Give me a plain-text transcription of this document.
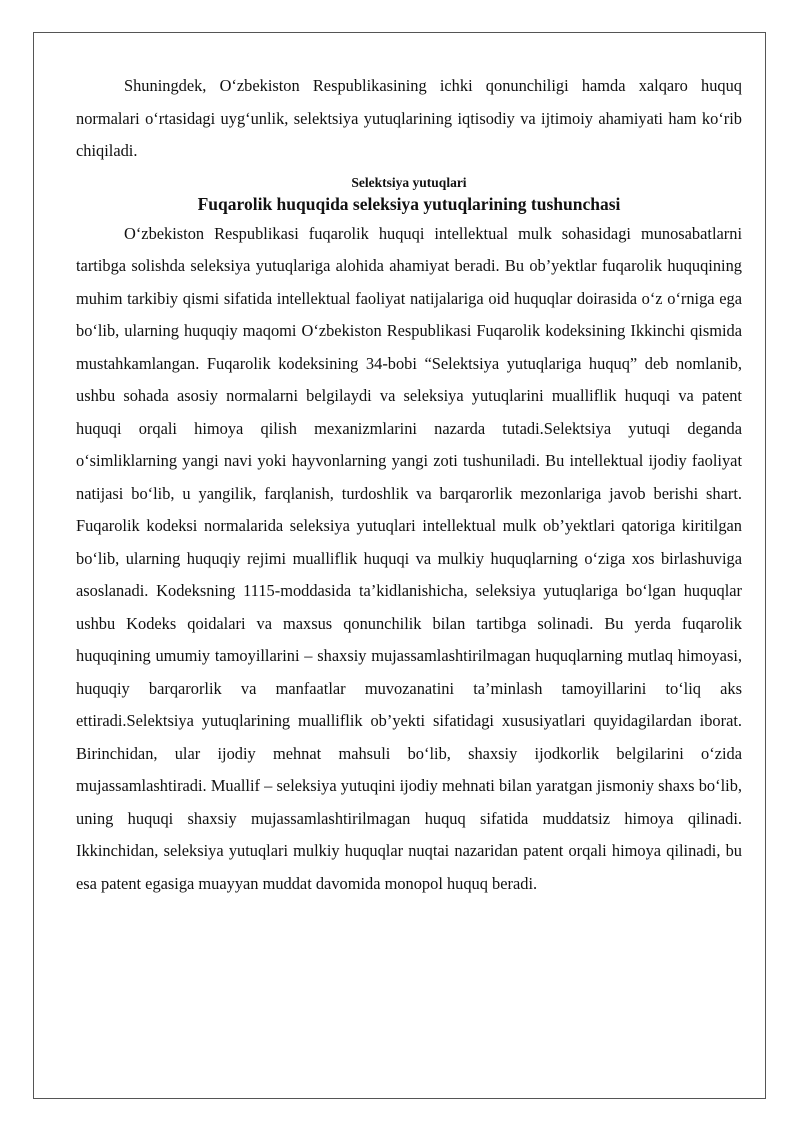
Shuningdek, O‘zbekiston Respublikasining ichki qonunchiligi hamda xalqaro huquq normalari o‘rtasidagi uyg‘unlik, selektsiya yutuqlarining iqtisodiy va ijtimoiy ahamiyati ham ko‘rib chiqiladi.

Selektsiya yutuqlari
Fuqarolik huquqida seleksiya yutuqlarining tushunchasi

O‘zbekiston Respublikasi fuqarolik huquqi intellektual mulk sohasidagi munosabatlarni tartibga solishda seleksiya yutuqlariga alohida ahamiyat beradi. Bu ob’yektlar fuqarolik huquqining muhim tarkibiy qismi sifatida intellektual faoliyat natijalariga oid huquqlar doirasida o‘z o‘rniga ega bo‘lib, ularning huquqiy maqomi O‘zbekiston Respublikasi Fuqarolik kodeksining Ikkinchi qismida mustahkamlangan. Fuqarolik kodeksining 34-bobi “Selektsiya yutuqlariga huquq” deb nomlanib, ushbu sohada asosiy normalarni belgilaydi va seleksiya yutuqlarini mualliflik huquqi va patent huquqi orqali himoya qilish mexanizmlarini nazarda tutadi.Selektsiya yutuqi deganda o‘simliklarning yangi navi yoki hayvonlarning yangi zoti tushuniladi. Bu intellektual ijodiy faoliyat natijasi bo‘lib, u yangilik, farqlanish, turdoshlik va barqarorlik mezonlariga javob berishi shart. Fuqarolik kodeksi normalarida seleksiya yutuqlari intellektual mulk ob’yektlari qatoriga kiritilgan bo‘lib, ularning huquqiy rejimi mualliflik huquqi va mulkiy huquqlarning o‘ziga xos birlashuviga asoslanadi. Kodeksning 1115-moddasida ta’kidlanishicha, seleksiya yutuqlariga bo‘lgan huquqlar ushbu Kodeks qoidalari va maxsus qonunchilik bilan tartibga solinadi. Bu yerda fuqarolik huquqining umumiy tamoyillarini – shaxsiy mujassamlashtirilmagan huquqlarning mutlaq himoyasi, huquqiy barqarorlik va manfaatlar muvozanatini ta’minlash tamoyillarini to‘liq aks ettiradi.Selektsiya yutuqlarining mualliflik ob’yekti sifatidagi xususiyatlari quyidagilardan iborat. Birinchidan, ular ijodiy mehnat mahsuli bo‘lib, shaxsiy ijodkorlik belgilarini o‘zida mujassamlashtiradi. Muallif – seleksiya yutuqini ijodiy mehnati bilan yaratgan jismoniy shaxs bo‘lib, uning huquqi shaxsiy mujassamlashtirilmagan huquq sifatida muddatsiz himoya qilinadi. Ikkinchidan, seleksiya yutuqlari mulkiy huquqlar nuqtai nazaridan patent orqali himoya qilinadi, bu esa patent egasiga muayyan muddat davomida monopol huquq beradi.
